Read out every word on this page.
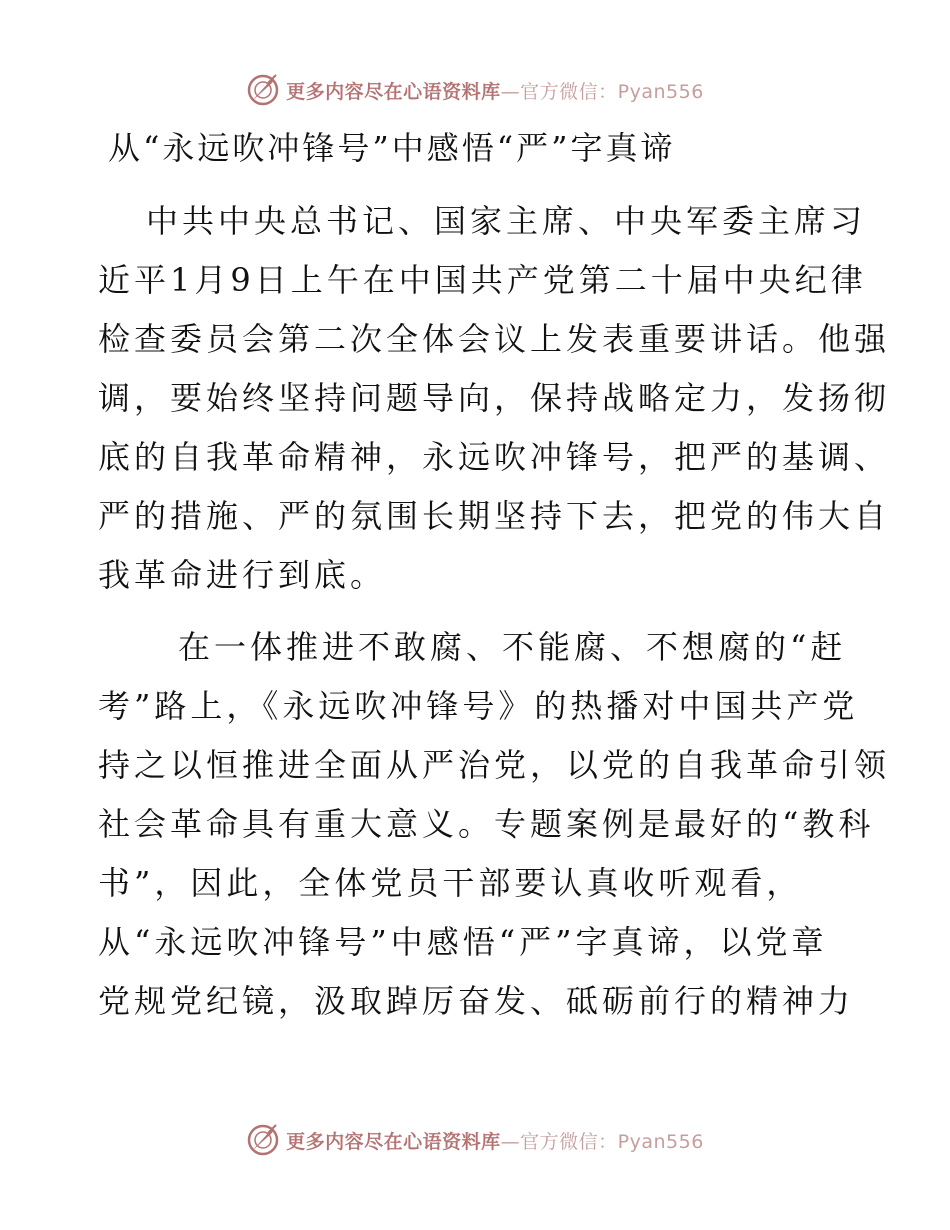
更多内容尽在心语资料库—官方微信：Pyan556
从“永远吹冲锋号”中感悟“严”字真谛
中共中央总书记、国家主席、中央军委主席习
近平1月9日上午在中国共产党第二十届中央纪律
检查委员会第二次全体会议上发表重要讲话。他强
调，要始终坚持问题导向，保持战略定力，发扬彻
底的自我革命精神，永远吹冲锋号，把严的基调、
严的措施、严的氛围长期坚持下去，把党的伟大自
我革命进行到底。
在一体推进不敢腐、不能腐、不想腐的“赶
考”路上，《永远吹冲锋号》的热播对中国共产党
持之以恒推进全面从严治党，以党的自我革命引领
社会革命具有重大意义。专题案例是最好的“教科
书”，因此，全体党员干部要认真收听观看，
从“永远吹冲锋号”中感悟“严”字真谛，以党章
党规党纪镜，汲取踔厉奋发、砥砺前行的精神力
更多内容尽在心语资料库—官方微信：Pyan556
